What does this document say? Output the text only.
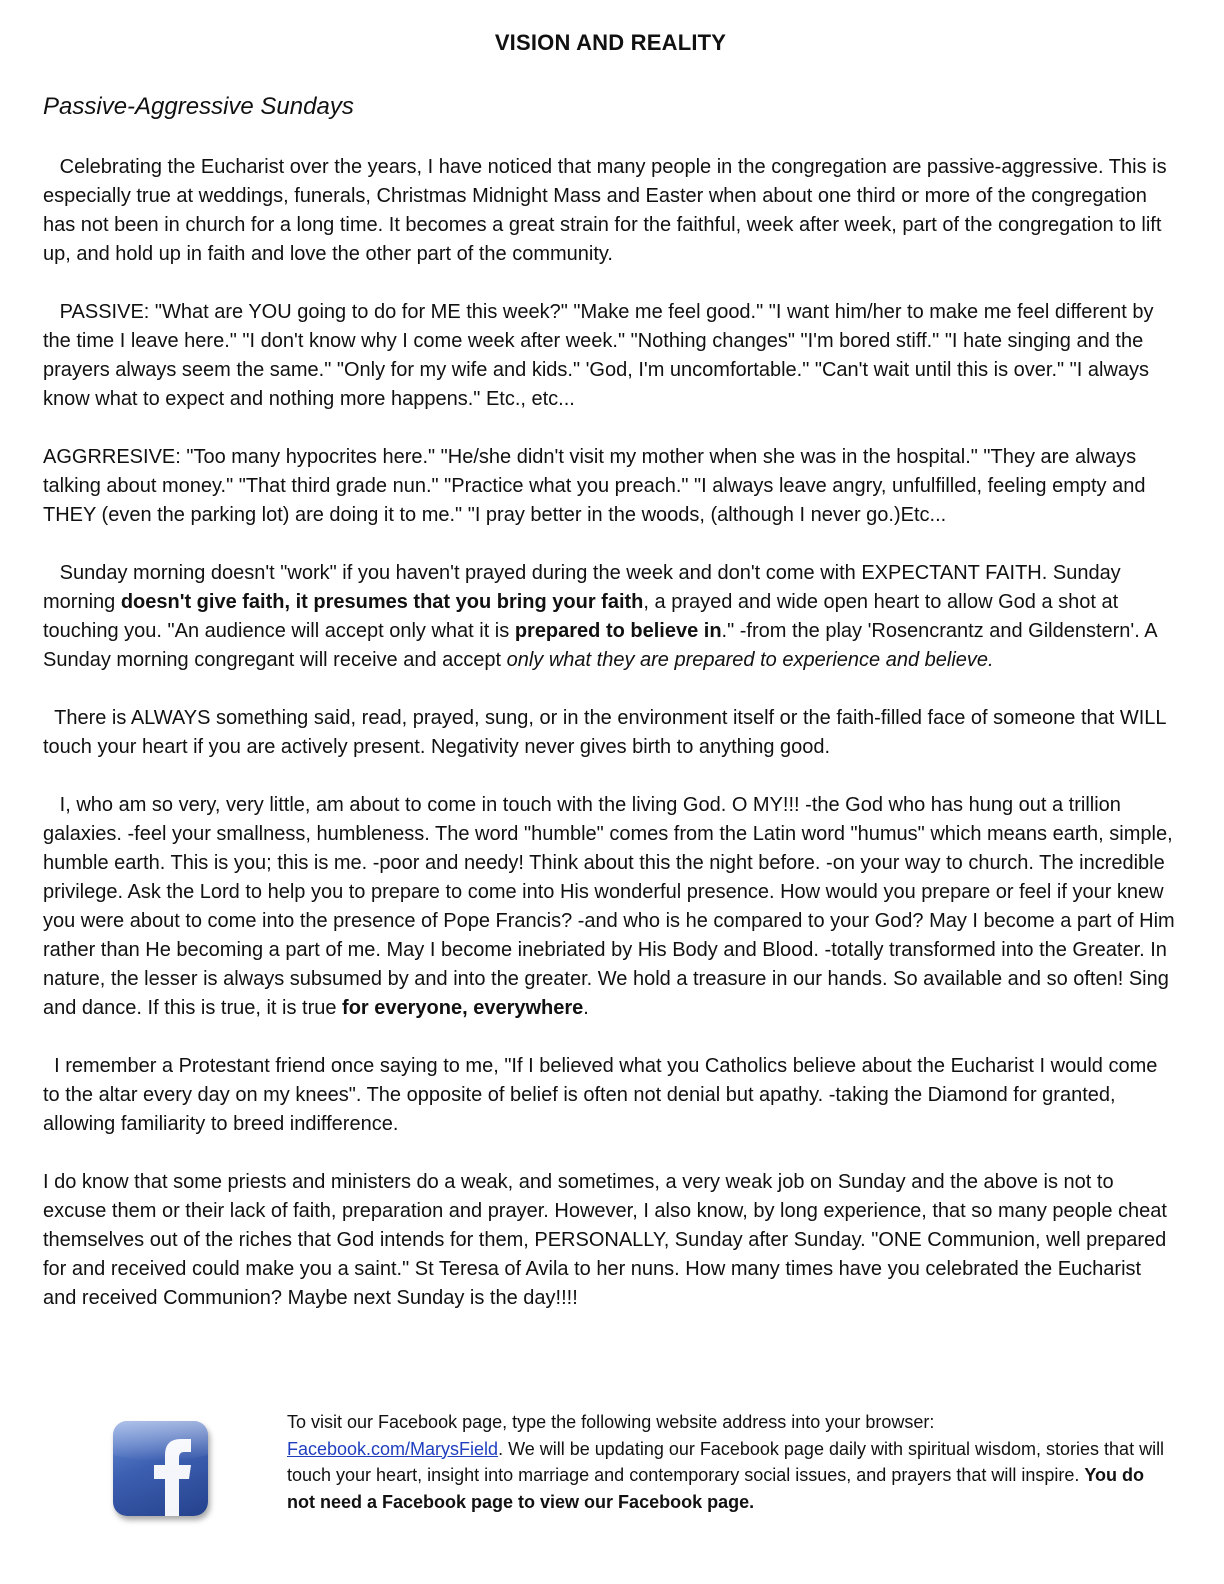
VISION AND REALITY
Passive-Aggressive Sundays

Celebrating the Eucharist over the years, I have noticed that many people in the congregation are passive-aggressive. This is especially true at weddings, funerals, Christmas Midnight Mass and Easter when about one third or more of the congregation has not been in church for a long time. It becomes a great strain for the faithful, week after week, part of the congregation to lift up, and hold up in faith and love the other part of the community.

PASSIVE: "What are YOU going to do for ME this week?" "Make me feel good." "I want him/her to make me feel different by the time I leave here." "I don't know why I come week after week." "Nothing changes" "I'm bored stiff." "I hate singing and the prayers always seem the same." "Only for my wife and kids." 'God, I'm uncomfortable." "Can't wait until this is over." "I always know what to expect and nothing more happens." Etc., etc...

AGGRRESIVE: "Too many hypocrites here." "He/she didn't visit my mother when she was in the hospital." "They are always talking about money." "That third grade nun." "Practice what you preach." "I always leave angry, unfulfilled, feeling empty and THEY (even the parking lot) are doing it to me." "I pray better in the woods, (although I never go.)Etc...

Sunday morning doesn't "work" if you haven't prayed during the week and don't come with EXPECTANT FAITH. Sunday morning doesn't give faith, it presumes that you bring your faith, a prayed and wide open heart to allow God a shot at touching you. "An audience will accept only what it is prepared to believe in." -from the play 'Rosencrantz and Gildenstern'. A Sunday morning congregant will receive and accept only what they are prepared to experience and believe.

There is ALWAYS something said, read, prayed, sung, or in the environment itself or the faith-filled face of someone that WILL touch your heart if you are actively present. Negativity never gives birth to anything good.

I, who am so very, very little, am about to come in touch with the living God. O MY!!! -the God who has hung out a trillion galaxies. -feel your smallness, humbleness. The word "humble" comes from the Latin word "humus" which means earth, simple, humble earth. This is you; this is me. -poor and needy! Think about this the night before. -on your way to church. The incredible privilege. Ask the Lord to help you to prepare to come into His wonderful presence. How would you prepare or feel if your knew you were about to come into the presence of Pope Francis? -and who is he compared to your God? May I become a part of Him rather than He becoming a part of me. May I become inebriated by His Body and Blood. -totally transformed into the Greater. In nature, the lesser is always subsumed by and into the greater. We hold a treasure in our hands. So available and so often! Sing and dance. If this is true, it is true for everyone, everywhere.

I remember a Protestant friend once saying to me, "If I believed what you Catholics believe about the Eucharist I would come to the altar every day on my knees". The opposite of belief is often not denial but apathy. -taking the Diamond for granted, allowing familiarity to breed indifference.

I do know that some priests and ministers do a weak, and sometimes, a very weak job on Sunday and the above is not to excuse them or their lack of faith, preparation and prayer. However, I also know, by long experience, that so many people cheat themselves out of the riches that God intends for them, PERSONALLY, Sunday after Sunday. "ONE Communion, well prepared for and received could make you a saint." St Teresa of Avila to her nuns. How many times have you celebrated the Eucharist and received Communion? Maybe next Sunday is the day!!!!

To visit our Facebook page, type the following website address into your browser:
Facebook.com/MarysField. We will be updating our Facebook page daily with spiritual wisdom, stories that will touch your heart, insight into marriage and contemporary social issues, and prayers that will inspire. You do not need a Facebook page to view our Facebook page.
